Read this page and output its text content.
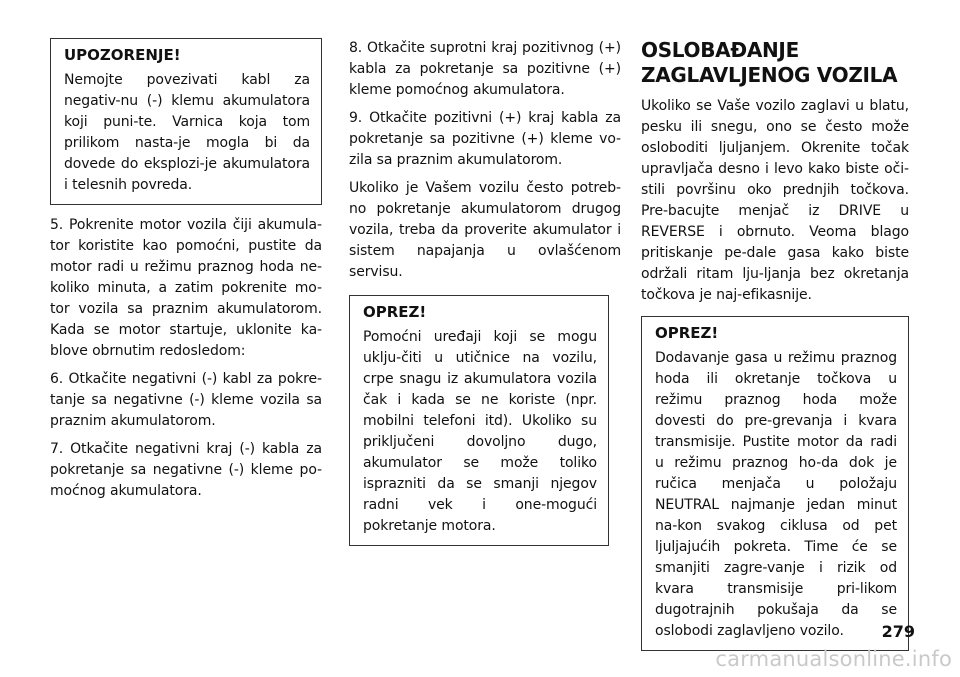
UPOZORENJE!

Nemojte povezivati kabl za negativ-nu (-) klemu akumulatora koji puni-te. Varnica koja tom prilikom nasta-je mogla bi da dovede do eksplozi-je akumulatora i telesnih povreda.

5. Pokrenite motor vozila čiji akumula-tor koristite kao pomoćni, pustite da motor radi u režimu praznog hoda ne-koliko minuta, a zatim pokrenite mo-tor vozila sa praznim akumulatorom. Kada se motor startuje, uklonite ka-blove obrnutim redosledom:

6. Otkačite negativni (-) kabl za pokre-tanje sa negativne (-) kleme vozila sa praznim akumulatorom.

7. Otkačite negativni kraj (-) kabla za pokretanje sa negativne (-) kleme po-moćnog akumulatora.

8. Otkačite suprotni kraj pozitivnog (+) kabla za pokretanje sa pozitivne (+) kleme pomoćnog akumulatora.

9. Otkačite pozitivni (+) kraj kabla za pokretanje sa pozitivne (+) kleme vo-zila sa praznim akumulatorom.

Ukoliko je Vašem vozilu često potreb-no pokretanje akumulatorom drugog vozila, treba da proverite akumulator i sistem napajanja u ovlašćenom servisu.

OPREZ!

Pomoćni uređaji koji se mogu uklju-čiti u utičnice na vozilu, crpe snagu iz akumulatora vozila čak i kada se ne koriste (npr. mobilni telefoni itd). Ukoliko su priključeni dovoljno dugo, akumulator se može toliko isprazniti da se smanji njegov radni vek i one-mogući pokretanje motora.

OSLOBAĐANJE
ZAGLAVLJENOG VOZILA

Ukoliko se Vaše vozilo zaglavi u blatu, pesku ili snegu, ono se često može osloboditi ljuljanjem. Okrenite točak upravljača desno i levo kako biste oči-stili površinu oko prednjih točkova. Pre-bacujte menjač iz DRIVE u REVERSE i obrnuto. Veoma blago pritiskanje pe-dale gasa kako biste održali ritam lju-ljanja bez okretanja točkova je naj-efikasnije.

OPREZ!

Dodavanje gasa u režimu praznog hoda ili okretanje točkova u režimu praznog hoda može dovesti do pre-grevanja i kvara transmisije. Pustite motor da radi u režimu praznog ho-da dok je ručica menjača u položaju NEUTRAL najmanje jedan minut na-kon svakog ciklusa od pet ljuljajućih pokreta. Time će se smanjiti zagre-vanje i rizik od kvara transmisije pri-likom dugotrajnih pokušaja da se oslobodi zaglavljeno vozilo.	279
carmanualsonline.info
